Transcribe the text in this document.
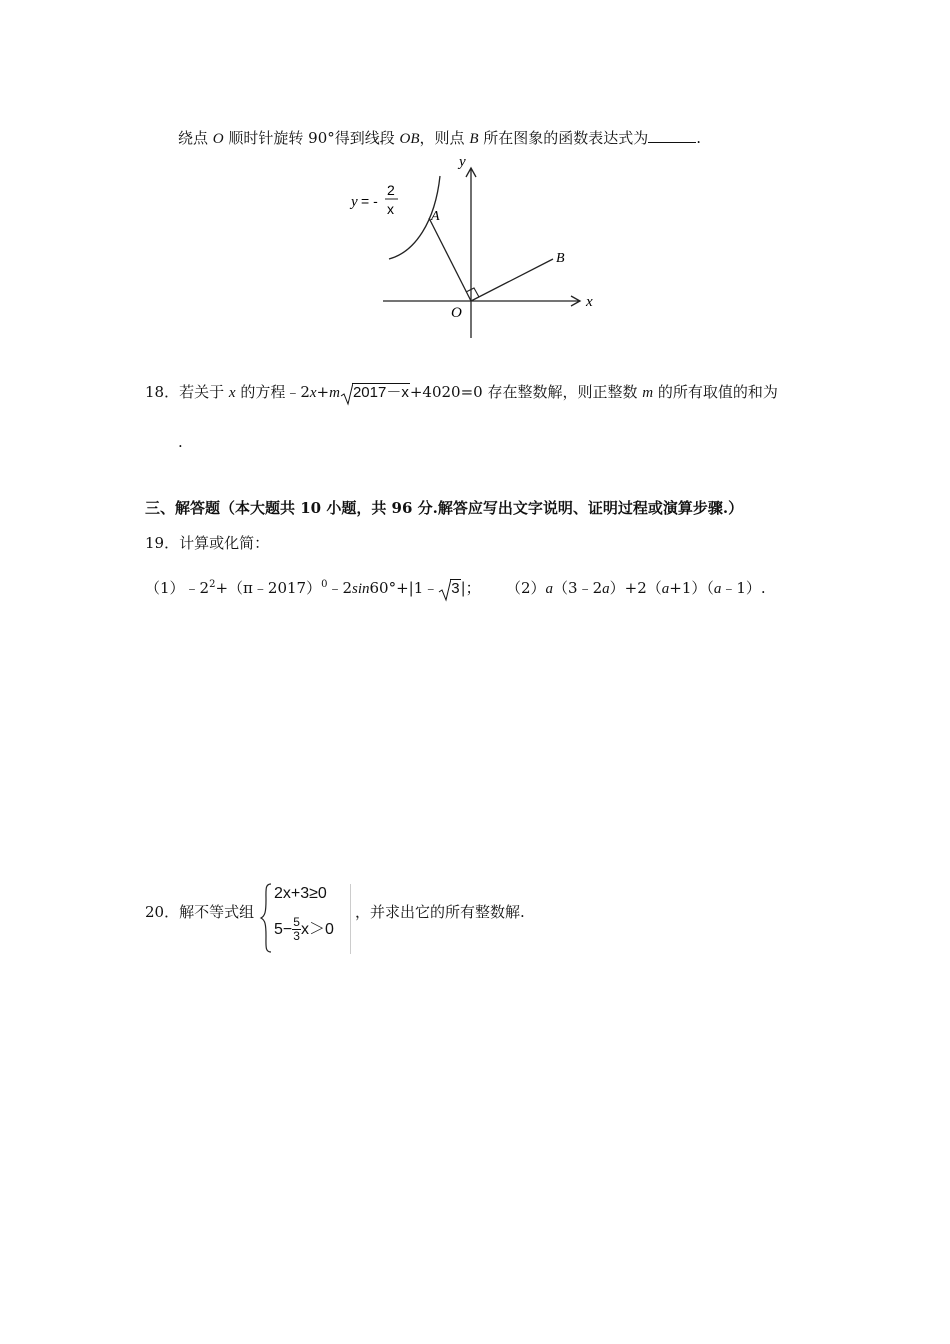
绕点 O 顺时针旋转 90°得到线段 OB，则点 B 所在图象的函数表达式为	.
y
x
O
A
B
y = -
2
x
18．若关于 x 的方程﹣2x+m 2017－x+4020=0 存在整数解，则正整数 m 的所有取值的和为
.
三、解答题（本大题共 10 小题，共 96 分.解答应写出文字说明、证明过程或演算步骤.）
19．计算或化简：
$(1)﹣2^2+(\pi﹣2017)^0﹣2\sin 60^\circ+|1﹣$ 3|； （2）a（3﹣2a）+2（a+1）（a﹣1）.
20．解不等式组
2x+3≥0
$5- \frac{5}{3} x>0$
，并求出它的所有整数解.
